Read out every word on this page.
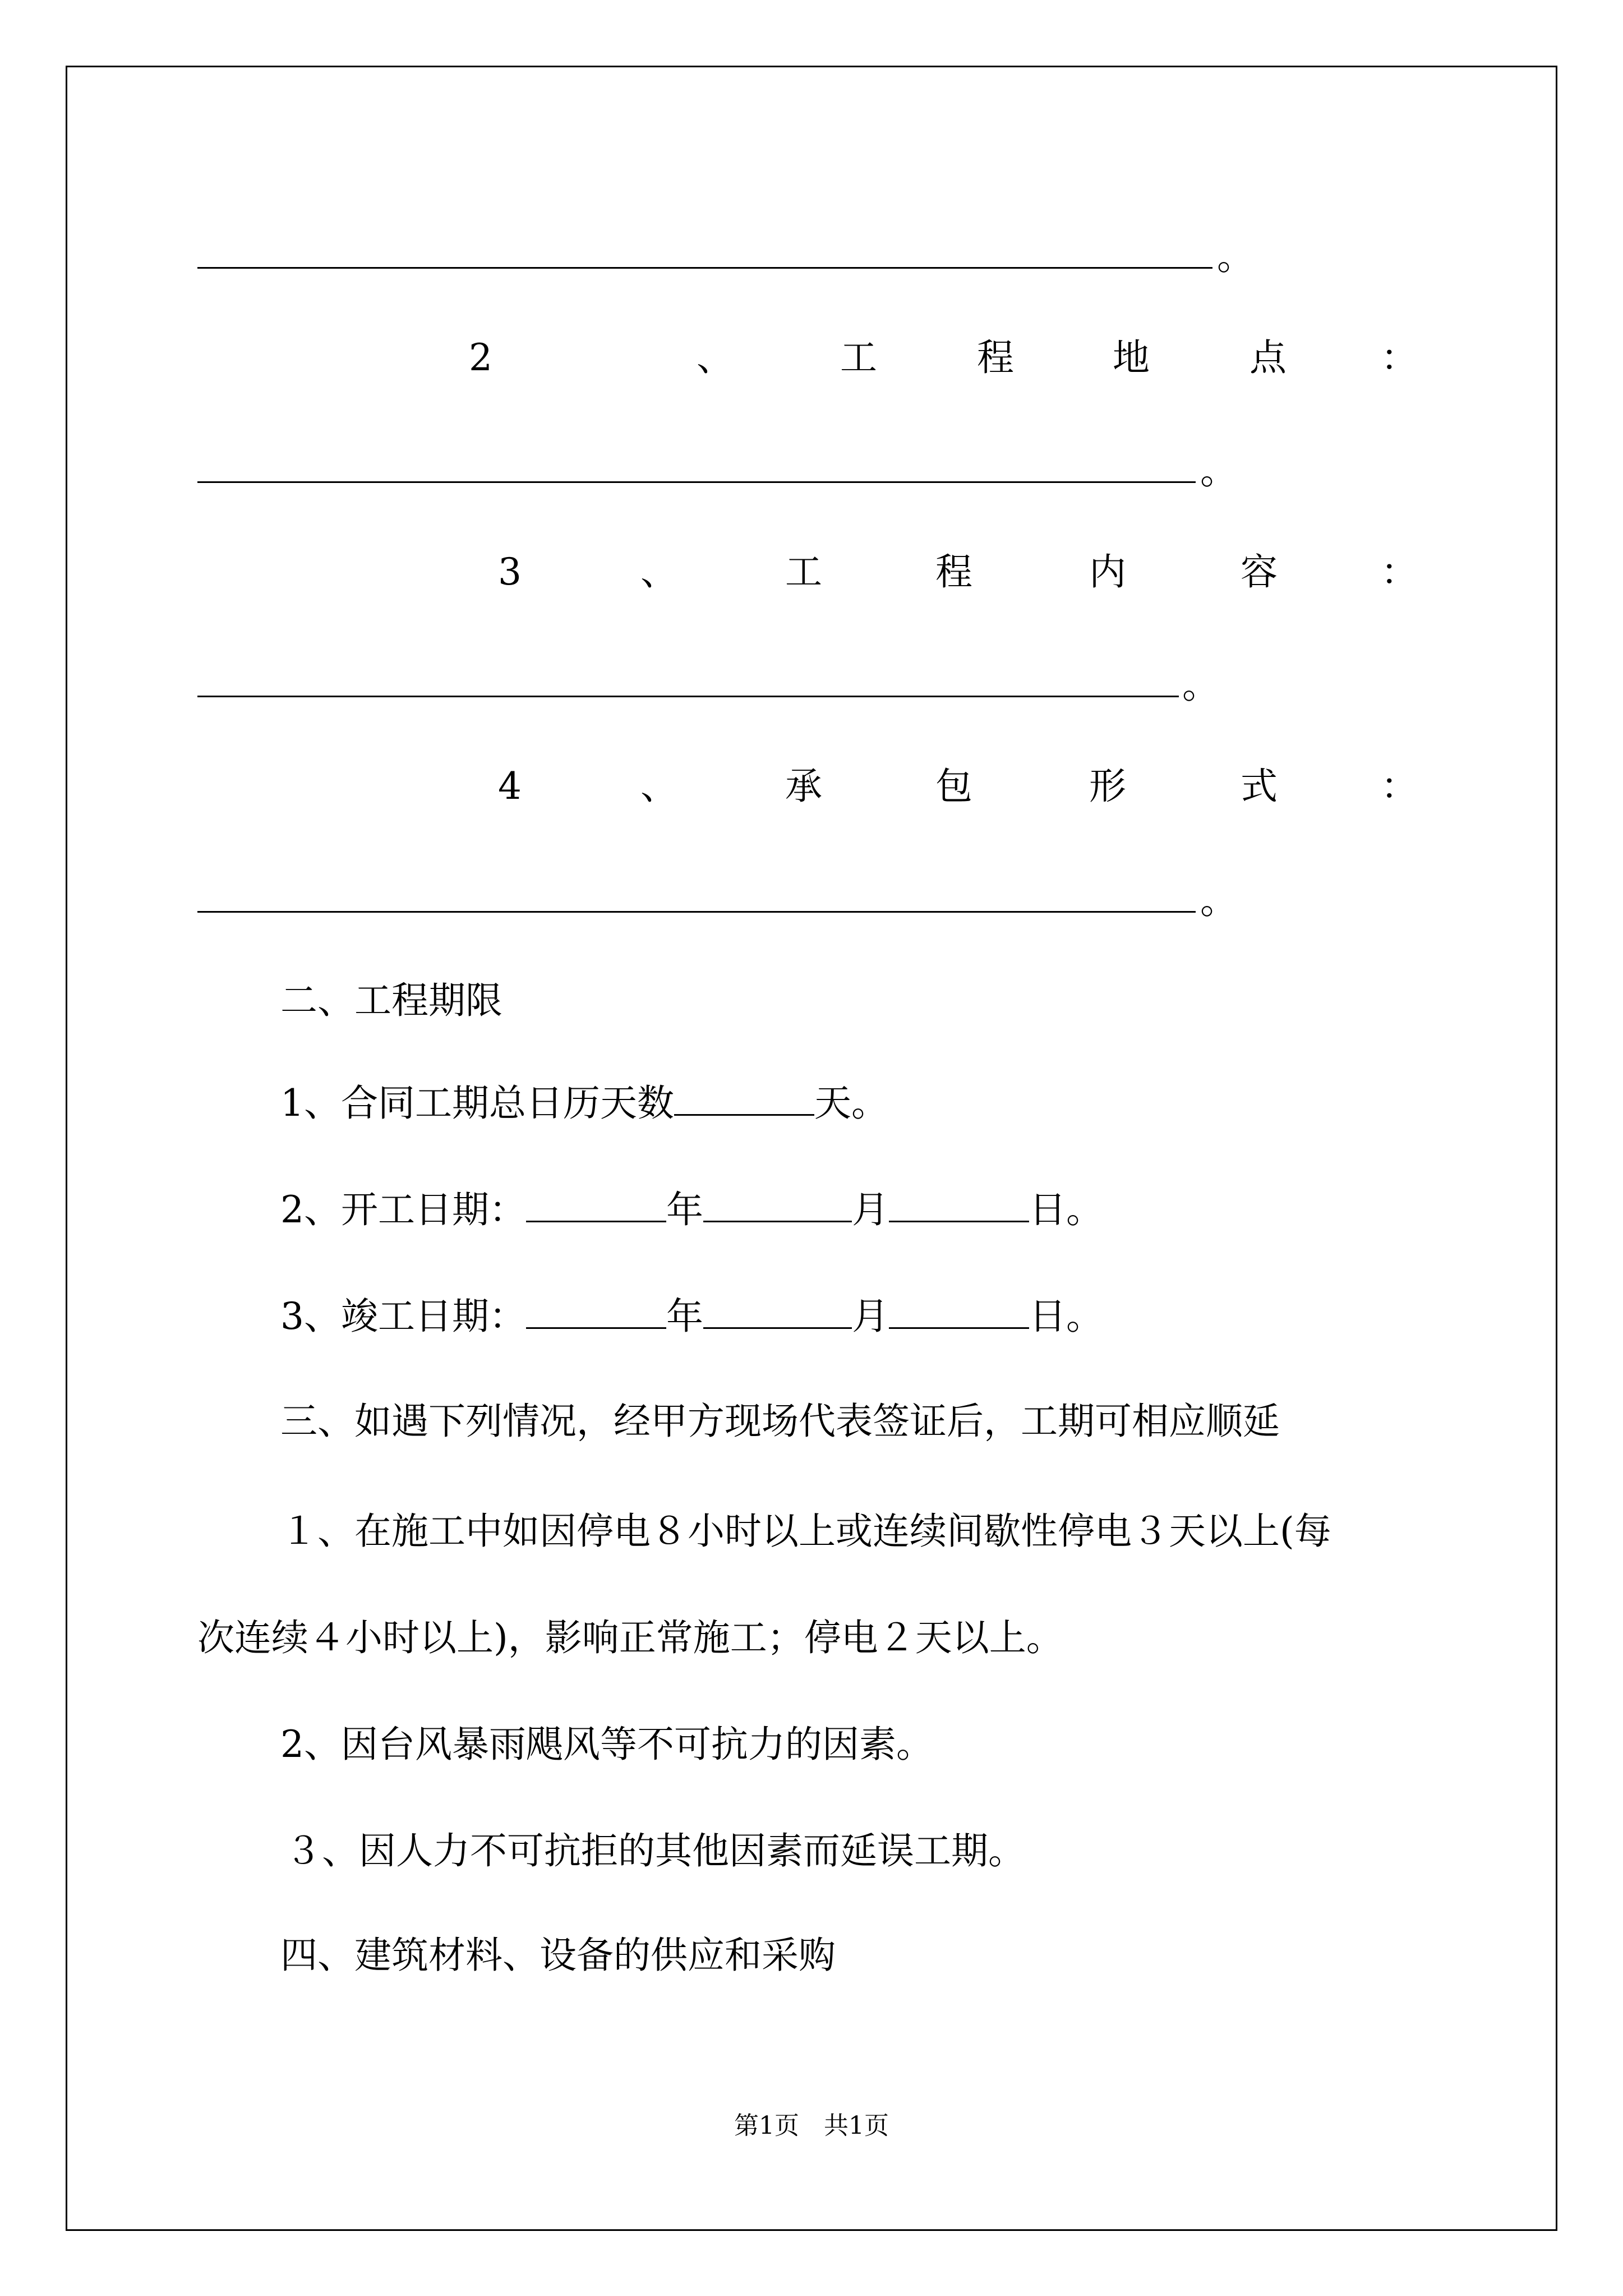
。
2	、	工	程	地	点	：
。
3	、	工	程	内	容	：
。
4	、	承	包	形	式	：
。
二、工程期限
1、合同工期总日历天数	天。
2、开工日期：	年	月	日。
3、竣工日期：	年	月	日。
三、如遇下列情况，经甲方现场代表签证后，工期可相应顺延
１、在施工中如因停电８小时以上或连续间歇性停电３天以上(每
次连续４小时以上)，影响正常施工；停电２天以上。
2、因台风暴雨飓风等不可抗力的因素。
３、因人力不可抗拒的其他因素而延误工期。
四、建筑材料、设备的供应和采购
第1页　共1页
